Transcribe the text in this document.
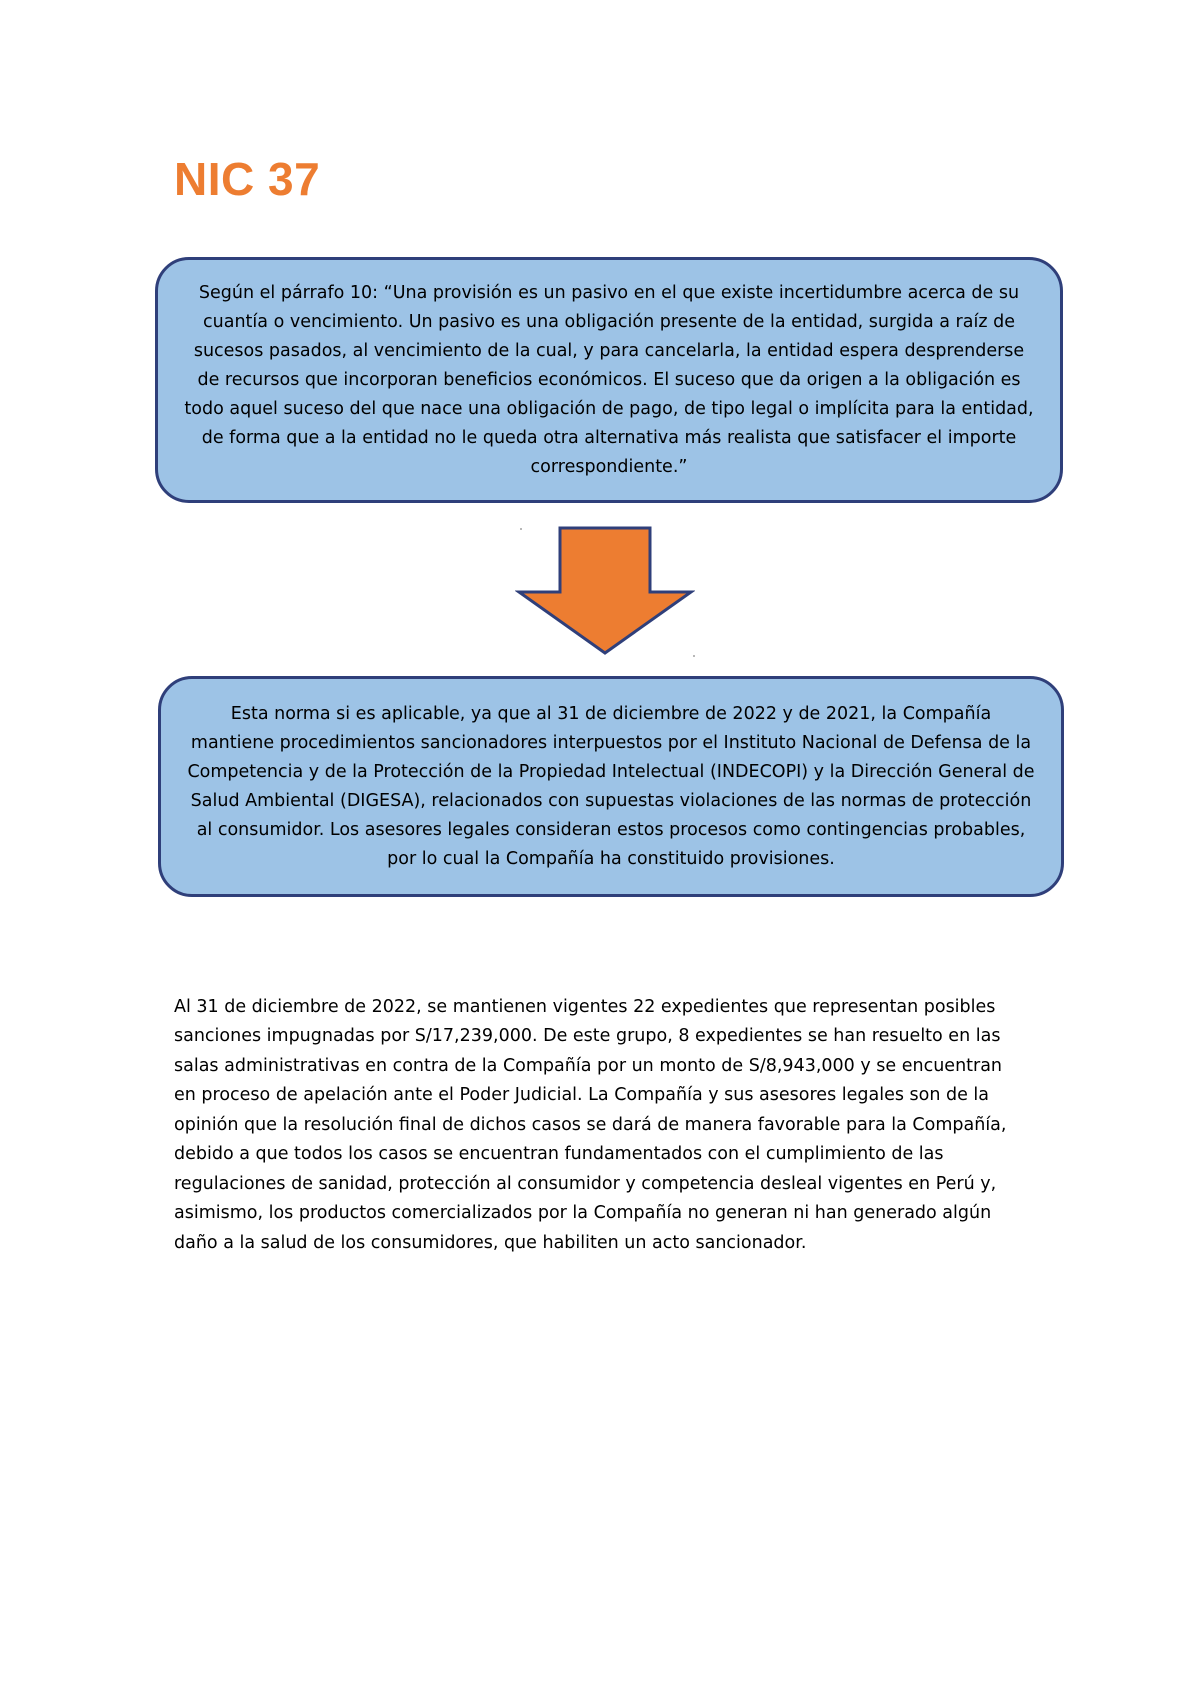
NIC 37
Según el párrafo 10: “Una provisión es un pasivo en el que existe incertidumbre acerca de su cuantía o vencimiento. Un pasivo es una obligación presente de la entidad, surgida a raíz de sucesos pasados, al vencimiento de la cual, y para cancelarla, la entidad espera desprenderse de recursos que incorporan beneficios económicos. El suceso que da origen a la obligación es todo aquel suceso del que nace una obligación de pago, de tipo legal o implícita para la entidad, de forma que a la entidad no le queda otra alternativa más realista que satisfacer el importe correspondiente.”
Esta norma si es aplicable, ya que al 31 de diciembre de 2022 y de 2021, la Compañía mantiene procedimientos sancionadores interpuestos por el Instituto Nacional de Defensa de la Competencia y de la Protección de la Propiedad Intelectual (INDECOPI) y la Dirección General de Salud Ambiental (DIGESA), relacionados con supuestas violaciones de las normas de protección al consumidor. Los asesores legales consideran estos procesos como contingencias probables, por lo cual la Compañía ha constituido provisiones.

Al 31 de diciembre de 2022, se mantienen vigentes 22 expedientes que representan posibles sanciones impugnadas por S/17,239,000. De este grupo, 8 expedientes se han resuelto en las salas administrativas en contra de la Compañía por un monto de S/8,943,000 y se encuentran en proceso de apelación ante el Poder Judicial. La Compañía y sus asesores legales son de la opinión que la resolución final de dichos casos se dará de manera favorable para la Compañía, debido a que todos los casos se encuentran fundamentados con el cumplimiento de las regulaciones de sanidad, protección al consumidor y competencia desleal vigentes en Perú y, asimismo, los productos comercializados por la Compañía no generan ni han generado algún daño a la salud de los consumidores, que habiliten un acto sancionador.
